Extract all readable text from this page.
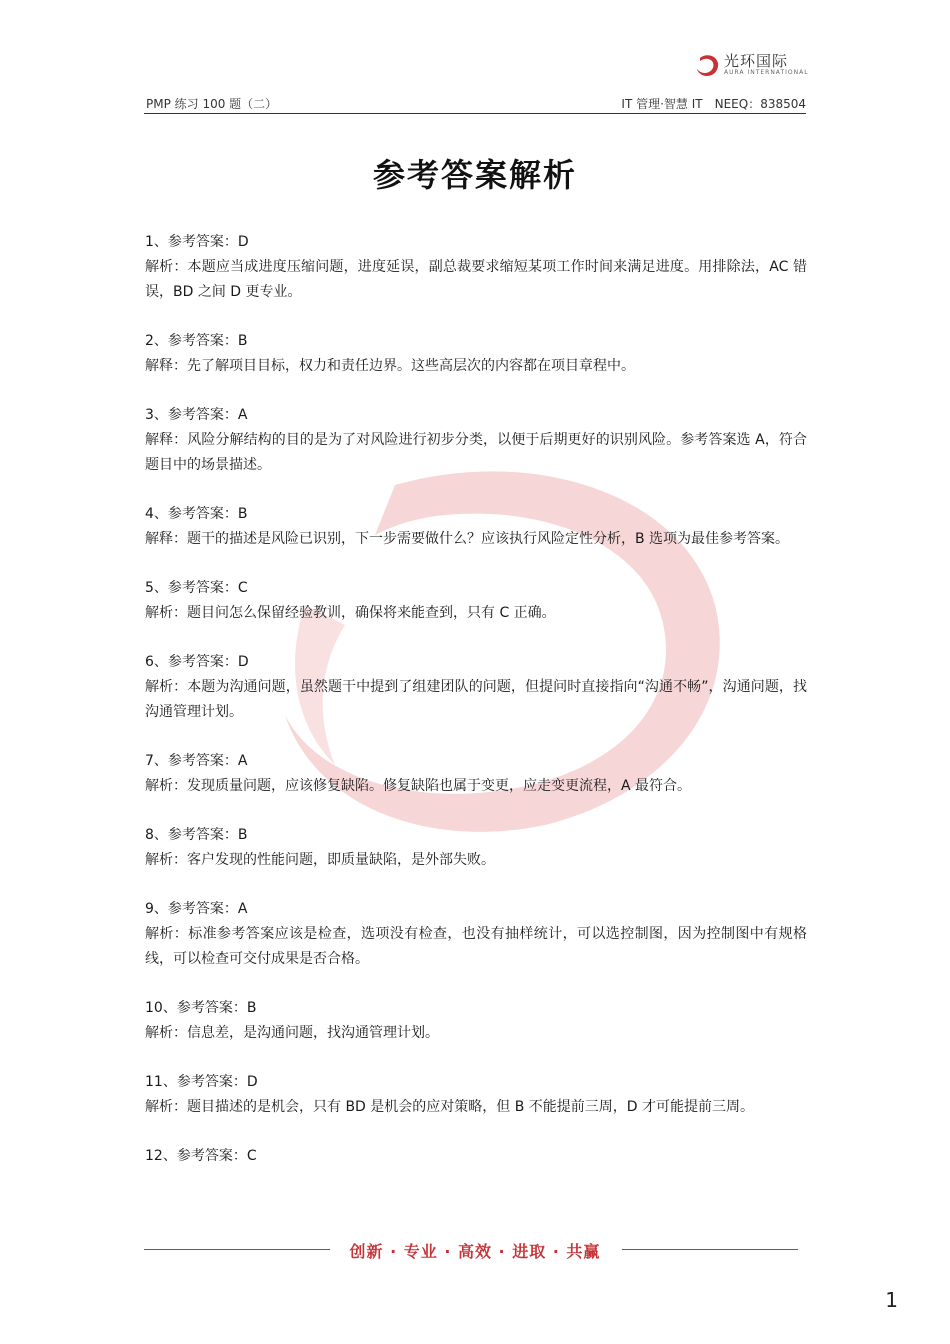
光环国际
AURA INTERNATIONAL
PMP 练习 100 题（二）	IT 管理·智慧 IT　NEEQ：838504
参考答案解析

1、参考答案：D

解析：本题应当成进度压缩问题，进度延误，副总裁要求缩短某项工作时间来满足进度。用排除法，AC 错误，BD 之间 D 更专业。

2、参考答案：B

解释：先了解项目目标，权力和责任边界。这些高层次的内容都在项目章程中。

3、参考答案：A

解释：风险分解结构的目的是为了对风险进行初步分类，以便于后期更好的识别风险。参考答案选 A，符合题目中的场景描述。

4、参考答案：B

解释：题干的描述是风险已识别，下一步需要做什么？应该执行风险定性分析，B 选项为最佳参考答案。

5、参考答案：C

解析：题目问怎么保留经验教训，确保将来能查到，只有 C 正确。

6、参考答案：D

解析：本题为沟通问题，虽然题干中提到了组建团队的问题，但提问时直接指向“沟通不畅”，沟通问题，找沟通管理计划。

7、参考答案：A

解析：发现质量问题，应该修复缺陷。修复缺陷也属于变更，应走变更流程，A 最符合。

8、参考答案：B

解析：客户发现的性能问题，即质量缺陷，是外部失败。

9、参考答案：A

解析：标准参考答案应该是检查，选项没有检查，也没有抽样统计，可以选控制图，因为控制图中有规格线，可以检查可交付成果是否合格。

10、参考答案：B

解析：信息差，是沟通问题，找沟通管理计划。

11、参考答案：D

解析：题目描述的是机会，只有 BD 是机会的应对策略，但 B 不能提前三周，D 才可能提前三周。

12、参考答案：C

创新 · 专业 · 高效 · 进取 · 共赢
1
